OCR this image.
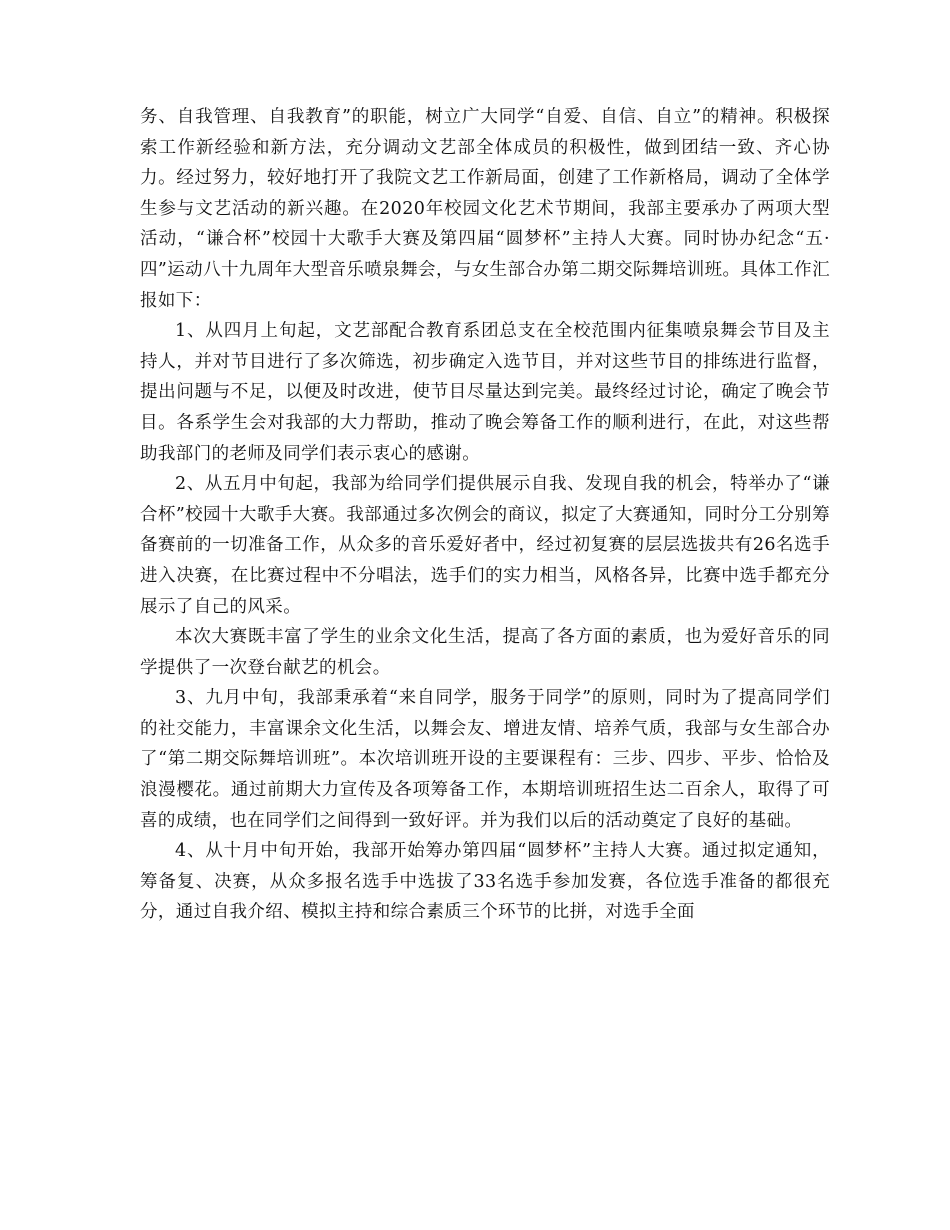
务、自我管理、自我教育”的职能，树立广大同学“自爱、自信、自立”的精神。积极探索工作新经验和新方法，充分调动文艺部全体成员的积极性，做到团结一致、齐心协力。经过努力，较好地打开了我院文艺工作新局面，创建了工作新格局，调动了全体学生参与文艺活动的新兴趣。在2020年校园文化艺术节期间，我部主要承办了两项大型活动，“谦合杯”校园十大歌手大赛及第四届“圆梦杯”主持人大赛。同时协办纪念“五·四”运动八十九周年大型音乐喷泉舞会，与女生部合办第二期交际舞培训班。具体工作汇报如下：

1、从四月上旬起，文艺部配合教育系团总支在全校范围内征集喷泉舞会节目及主持人，并对节目进行了多次筛选，初步确定入选节目，并对这些节目的排练进行监督，提出问题与不足，以便及时改进，使节目尽量达到完美。最终经过讨论，确定了晚会节目。各系学生会对我部的大力帮助，推动了晚会筹备工作的顺利进行，在此，对这些帮助我部门的老师及同学们表示衷心的感谢。

2、从五月中旬起，我部为给同学们提供展示自我、发现自我的机会，特举办了“谦合杯”校园十大歌手大赛。我部通过多次例会的商议，拟定了大赛通知，同时分工分别筹备赛前的一切准备工作，从众多的音乐爱好者中，经过初复赛的层层选拔共有26名选手进入决赛，在比赛过程中不分唱法，选手们的实力相当，风格各异，比赛中选手都充分展示了自己的风采。

本次大赛既丰富了学生的业余文化生活，提高了各方面的素质，也为爱好音乐的同学提供了一次登台献艺的机会。

3、九月中旬，我部秉承着“来自同学，服务于同学”的原则，同时为了提高同学们的社交能力，丰富课余文化生活，以舞会友、增进友情、培养气质，我部与女生部合办了“第二期交际舞培训班”。本次培训班开设的主要课程有：三步、四步、平步、恰恰及浪漫樱花。通过前期大力宣传及各项筹备工作，本期培训班招生达二百余人，取得了可喜的成绩，也在同学们之间得到一致好评。并为我们以后的活动奠定了良好的基础。

4、从十月中旬开始，我部开始筹办第四届“圆梦杯”主持人大赛。通过拟定通知，筹备复、决赛，从众多报名选手中选拔了33名选手参加发赛，各位选手准备的都很充分，通过自我介绍、模拟主持和综合素质三个环节的比拼，对选手全面
